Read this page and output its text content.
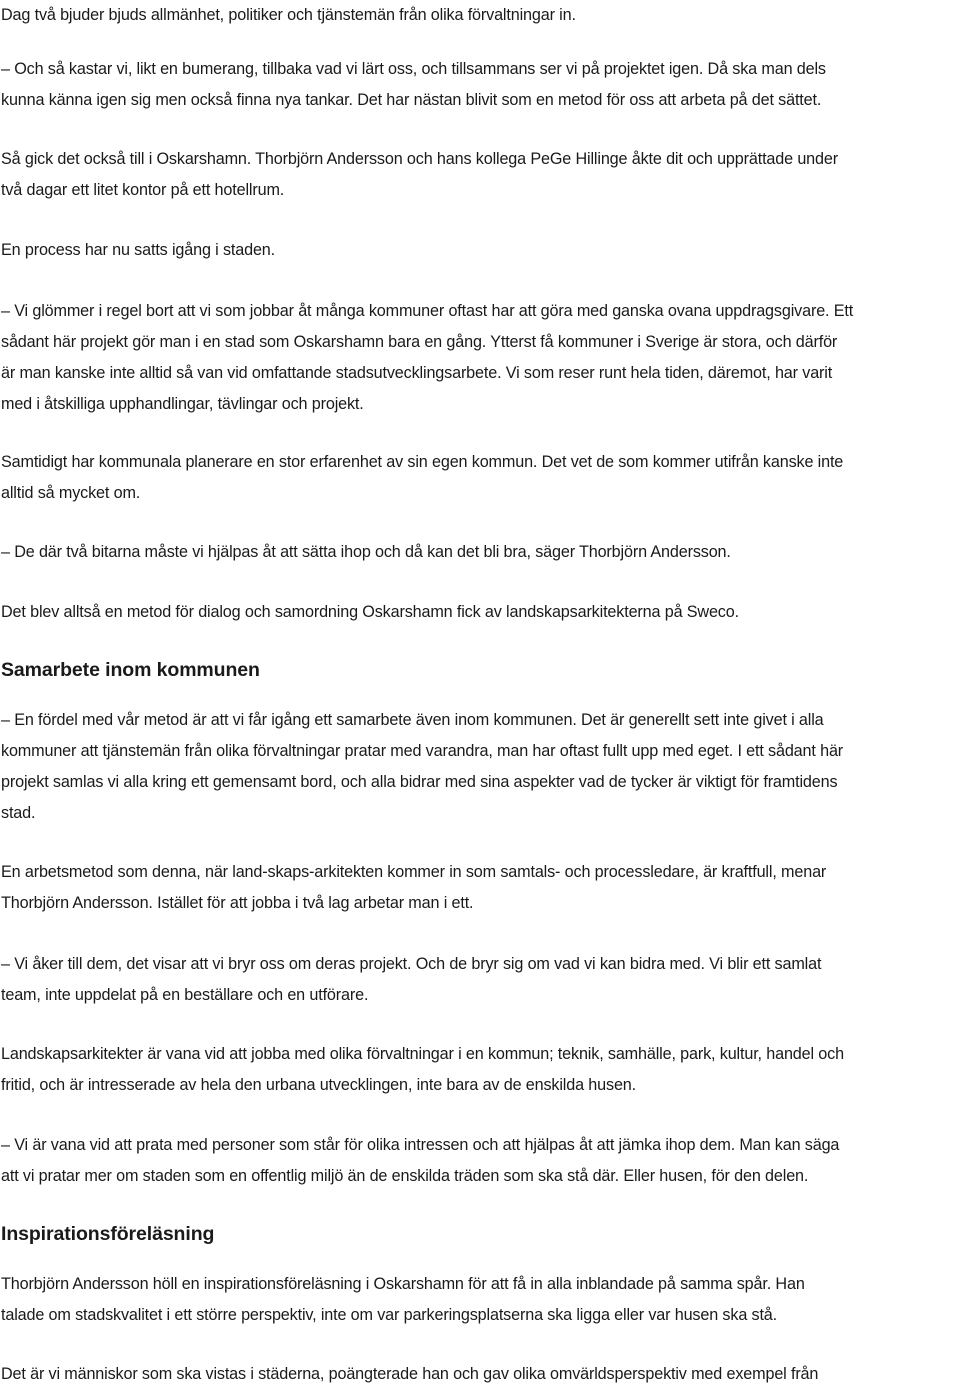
Dag två bjuder bjuds allmänhet, politiker och tjänstemän från olika förvaltningar in.

– Och så kastar vi, likt en bumerang, tillbaka vad vi lärt oss, och tillsammans ser vi på projektet igen. Då ska man dels
kunna känna igen sig men också finna nya tankar. Det har nästan blivit som en metod för oss att arbeta på det sättet.

Så gick det också till i Oskarshamn. Thorbjörn Andersson och hans kollega PeGe Hillinge åkte dit och upprättade under
två dagar ett litet kontor på ett hotellrum.

En process har nu satts igång i staden.

– Vi glömmer i regel bort att vi som jobbar åt många kommuner oftast har att göra med ganska ovana uppdragsgivare. Ett
sådant här projekt gör man i en stad som Oskarshamn bara en gång. Ytterst få kommuner i Sverige är stora, och därför
är man kanske inte alltid så van vid omfattande stadsutvecklingsarbete. Vi som reser runt hela tiden, däremot, har varit
med i åtskilliga upphandlingar, tävlingar och projekt.

Samtidigt har kommunala planerare en stor erfarenhet av sin egen kommun. Det vet de som kommer utifrån kanske inte
alltid så mycket om.

– De där två bitarna måste vi hjälpas åt att sätta ihop och då kan det bli bra, säger Thorbjörn Andersson.

Det blev alltså en metod för dialog och samordning Oskarshamn fick av landskapsarkitekterna på Sweco.

Samarbete inom kommunen

– En fördel med vår metod är att vi får igång ett samarbete även inom kommunen. Det är generellt sett inte givet i alla
kommuner att tjänstemän från olika förvaltningar pratar med varandra, man har oftast fullt upp med eget. I ett sådant här
projekt samlas vi alla kring ett gemensamt bord, och alla bidrar med sina aspekter vad de tycker är viktigt för framtidens
stad.

En arbetsmetod som denna, när land-skaps-arkitekten kommer in som samtals- och processledare, är kraftfull, menar
Thorbjörn Andersson. Istället för att jobba i två lag arbetar man i ett.

– Vi åker till dem, det visar att vi bryr oss om deras projekt. Och de bryr sig om vad vi kan bidra med. Vi blir ett samlat
team, inte uppdelat på en beställare och en utförare.

Landskapsarkitekter är vana vid att jobba med olika förvaltningar i en kommun; teknik, samhälle, park, kultur, handel och
fritid, och är intresserade av hela den urbana utvecklingen, inte bara av de enskilda husen.

– Vi är vana vid att prata med personer som står för olika intressen och att hjälpas åt att jämka ihop dem. Man kan säga
att vi pratar mer om staden som en offentlig miljö än de enskilda träden som ska stå där. Eller husen, för den delen.

Inspirationsföreläsning

Thorbjörn Andersson höll en inspirationsföreläsning i Oskarshamn för att få in alla inblandade på samma spår. Han
talade om stadskvalitet i ett större perspektiv, inte om var parkeringsplatserna ska ligga eller var husen ska stå.

Det är vi människor som ska vistas i städerna, poängterade han och gav olika omvärldsperspektiv med exempel från
